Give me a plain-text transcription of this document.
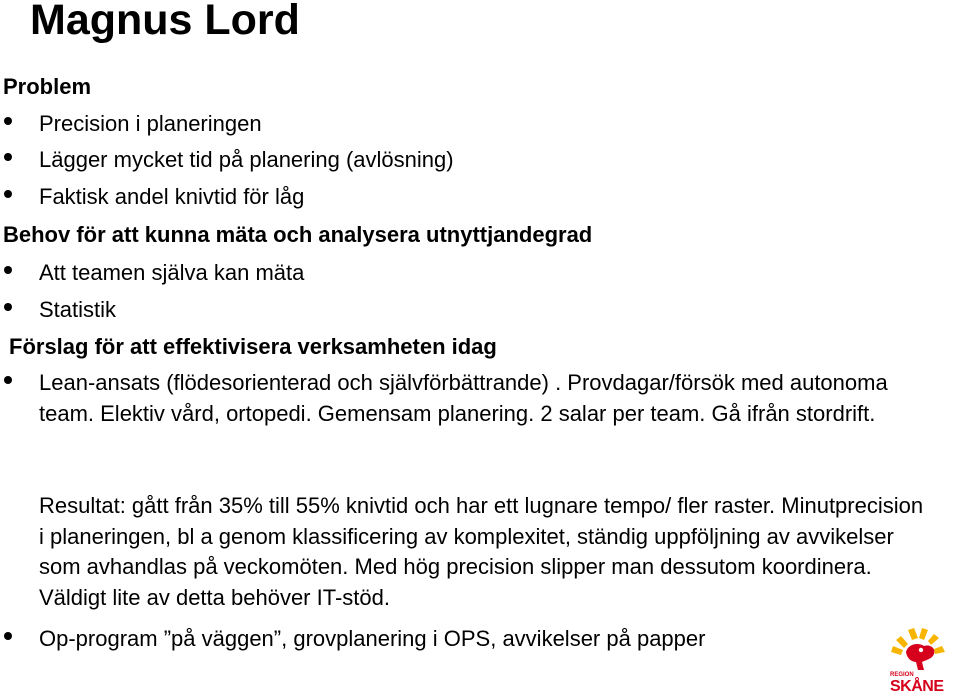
Magnus Lord
Problem
Precision i planeringen
Lägger mycket tid på planering (avlösning)
Faktisk andel knivtid för låg
Behov för att kunna mäta och analysera utnyttjandegrad
Att teamen själva kan mäta
Statistik
Förslag för att effektivisera verksamheten idag
Lean-ansats (flödesorienterad och självförbättrande) . Provdagar/försök med autonoma team. Elektiv vård, ortopedi. Gemensam planering. 2 salar per team. Gå ifrån stordrift.
Resultat: gått från 35% till 55% knivtid och har ett lugnare tempo/ fler raster. Minutprecision i planeringen, bl a genom klassificering av komplexitet, ständig uppföljning av avvikelser som avhandlas på veckomöten. Med hög precision slipper man dessutom koordinera. Väldigt lite av detta behöver IT-stöd.
Op-program ”på väggen”, grovplanering i OPS, avvikelser på papper
REGION
SKÅNE
